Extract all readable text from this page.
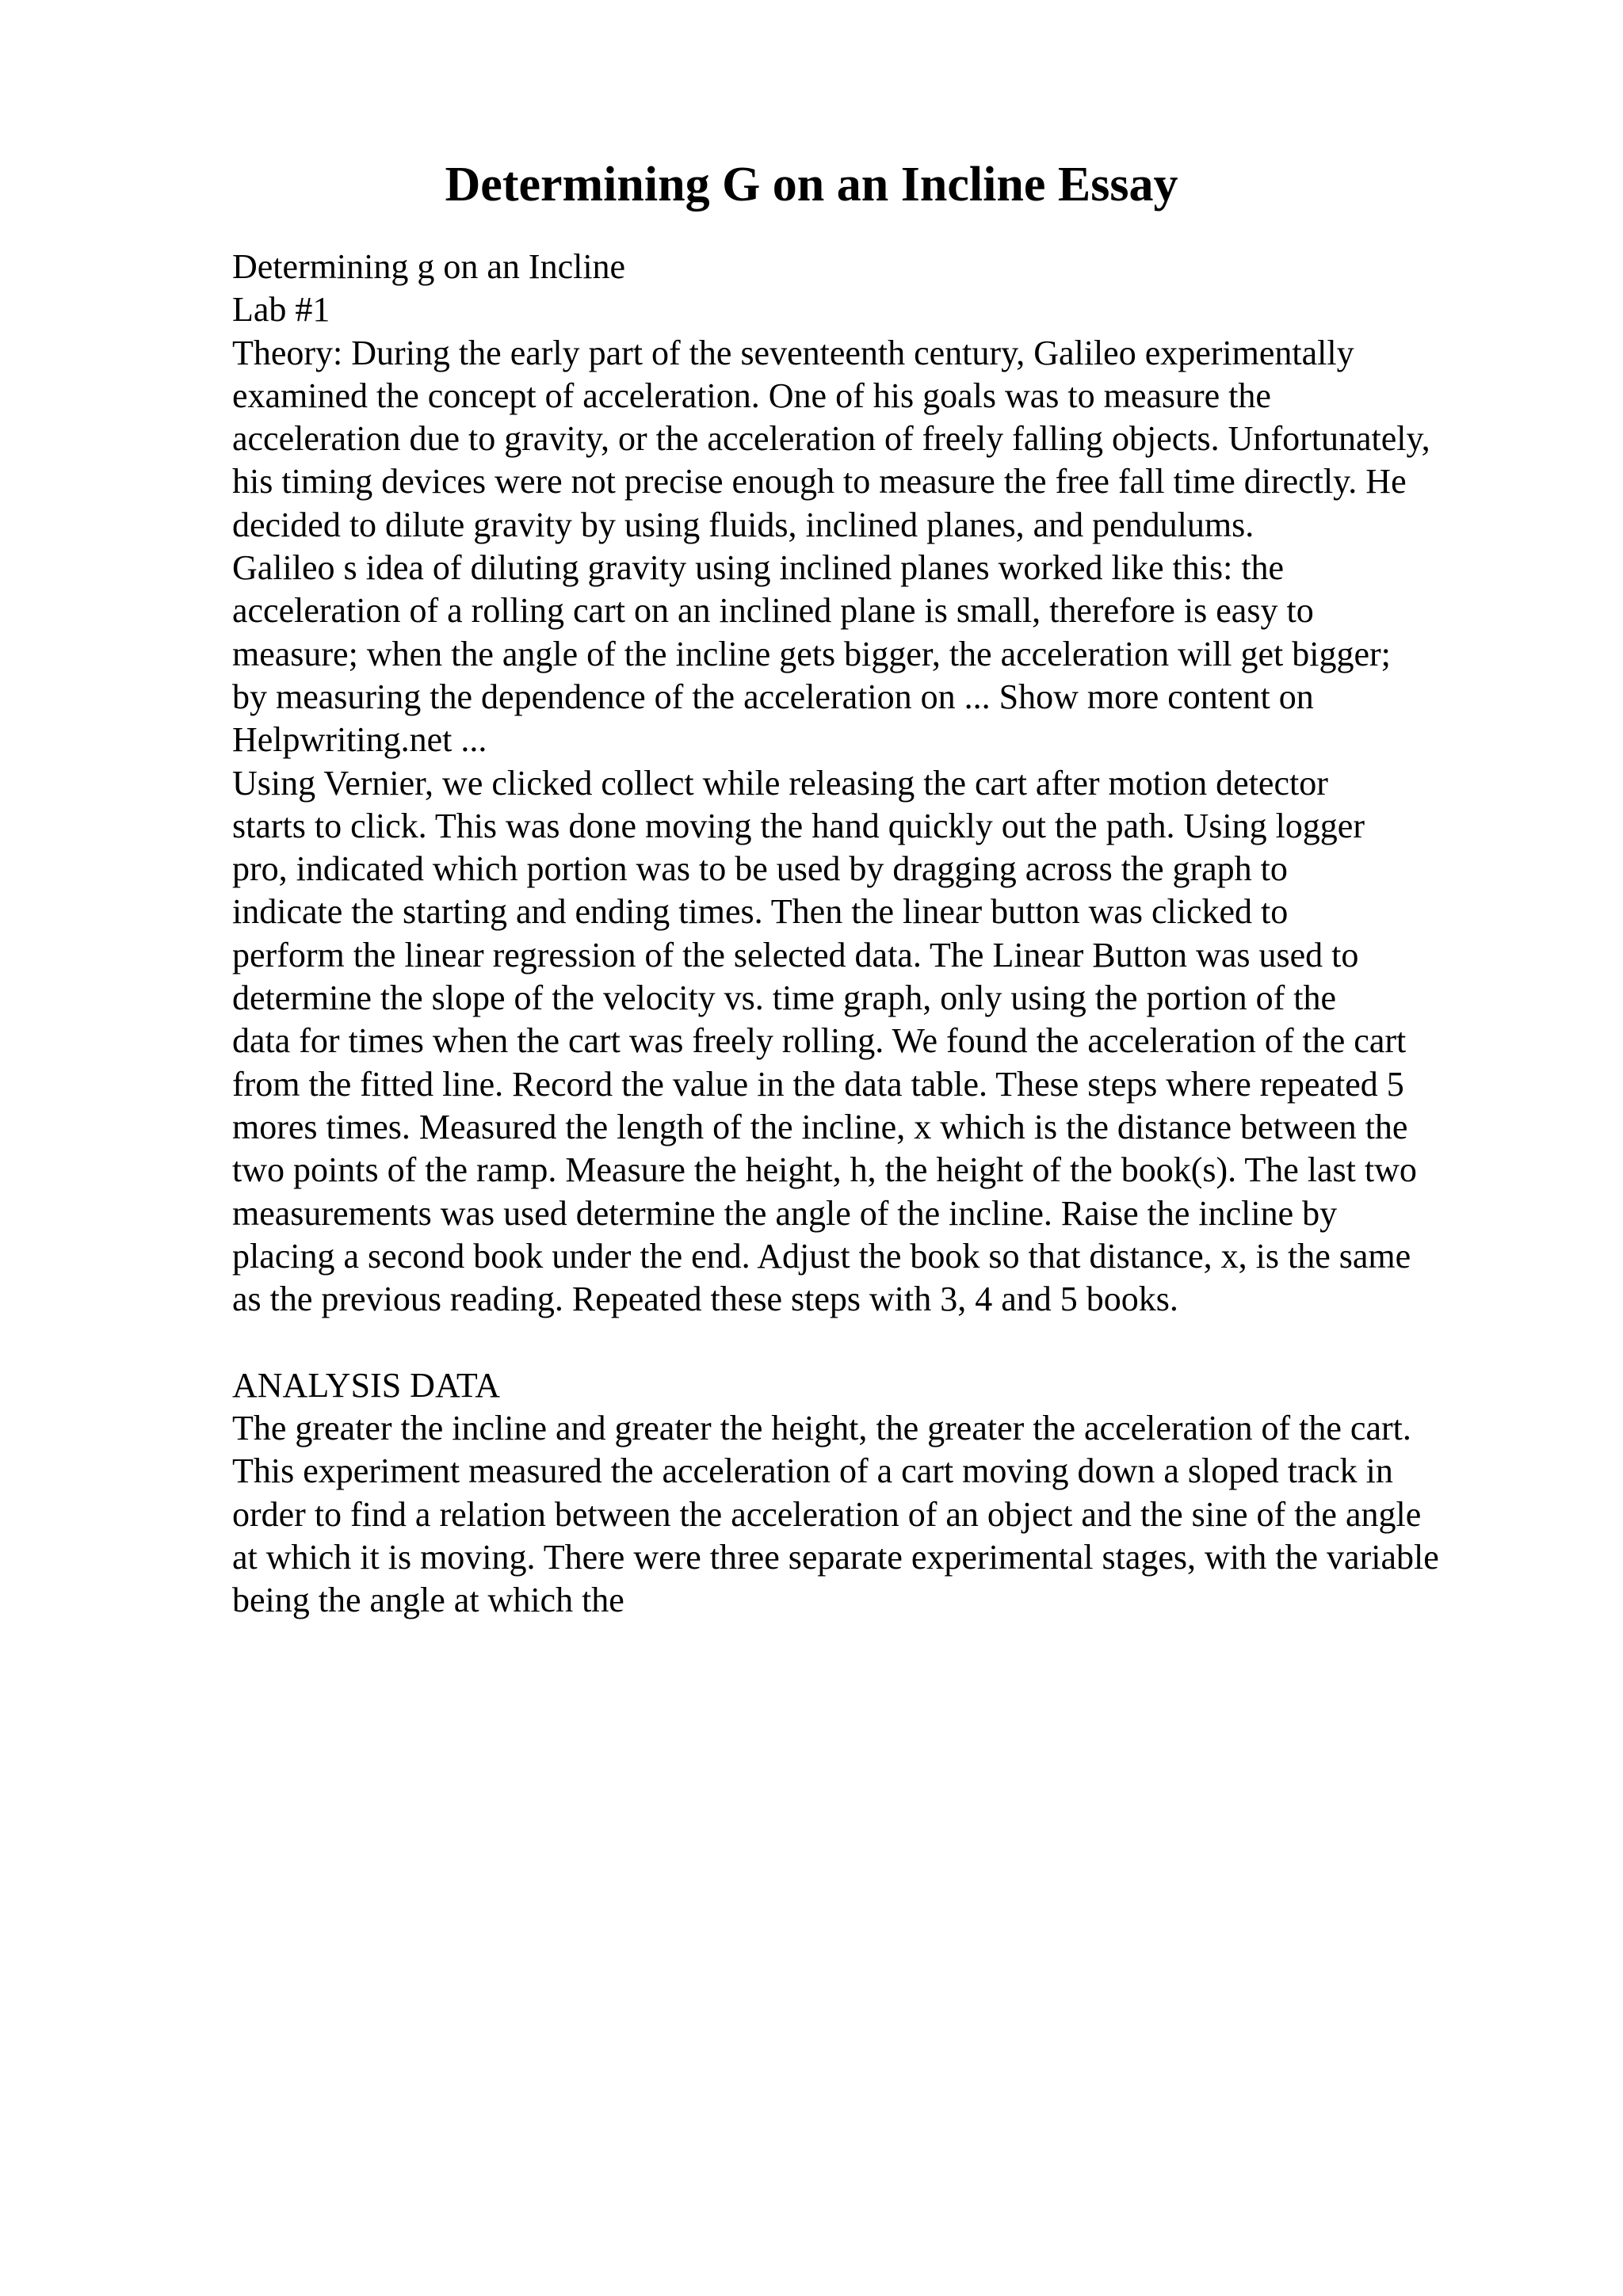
Determining G on an Incline Essay
Determining g on an Incline
Lab #1
Theory: During the early part of the seventeenth century, Galileo experimentally
examined the concept of acceleration. One of his goals was to measure the
acceleration due to gravity, or the acceleration of freely falling objects. Unfortunately,
his timing devices were not precise enough to measure the free fall time directly. He
decided to dilute gravity by using fluids, inclined planes, and pendulums.
Galileo s idea of diluting gravity using inclined planes worked like this: the
acceleration of a rolling cart on an inclined plane is small, therefore is easy to
measure; when the angle of the incline gets bigger, the acceleration will get bigger;
by measuring the dependence of the acceleration on ... Show more content on
Helpwriting.net ...
Using Vernier, we clicked collect while releasing the cart after motion detector
starts to click. This was done moving the hand quickly out the path. Using logger
pro, indicated which portion was to be used by dragging across the graph to
indicate the starting and ending times. Then the linear button was clicked to
perform the linear regression of the selected data. The Linear Button was used to
determine the slope of the velocity vs. time graph, only using the portion of the
data for times when the cart was freely rolling. We found the acceleration of the cart
from the fitted line. Record the value in the data table. These steps where repeated 5
mores times. Measured the length of the incline, x which is the distance between the
two points of the ramp. Measure the height, h, the height of the book(s). The last two
measurements was used determine the angle of the incline. Raise the incline by
placing a second book under the end. Adjust the book so that distance, x, is the same
as the previous reading. Repeated these steps with 3, 4 and 5 books.
ANALYSIS DATA
The greater the incline and greater the height, the greater the acceleration of the cart.
This experiment measured the acceleration of a cart moving down a sloped track in
order to find a relation between the acceleration of an object and the sine of the angle
at which it is moving. There were three separate experimental stages, with the variable
being the angle at which the
